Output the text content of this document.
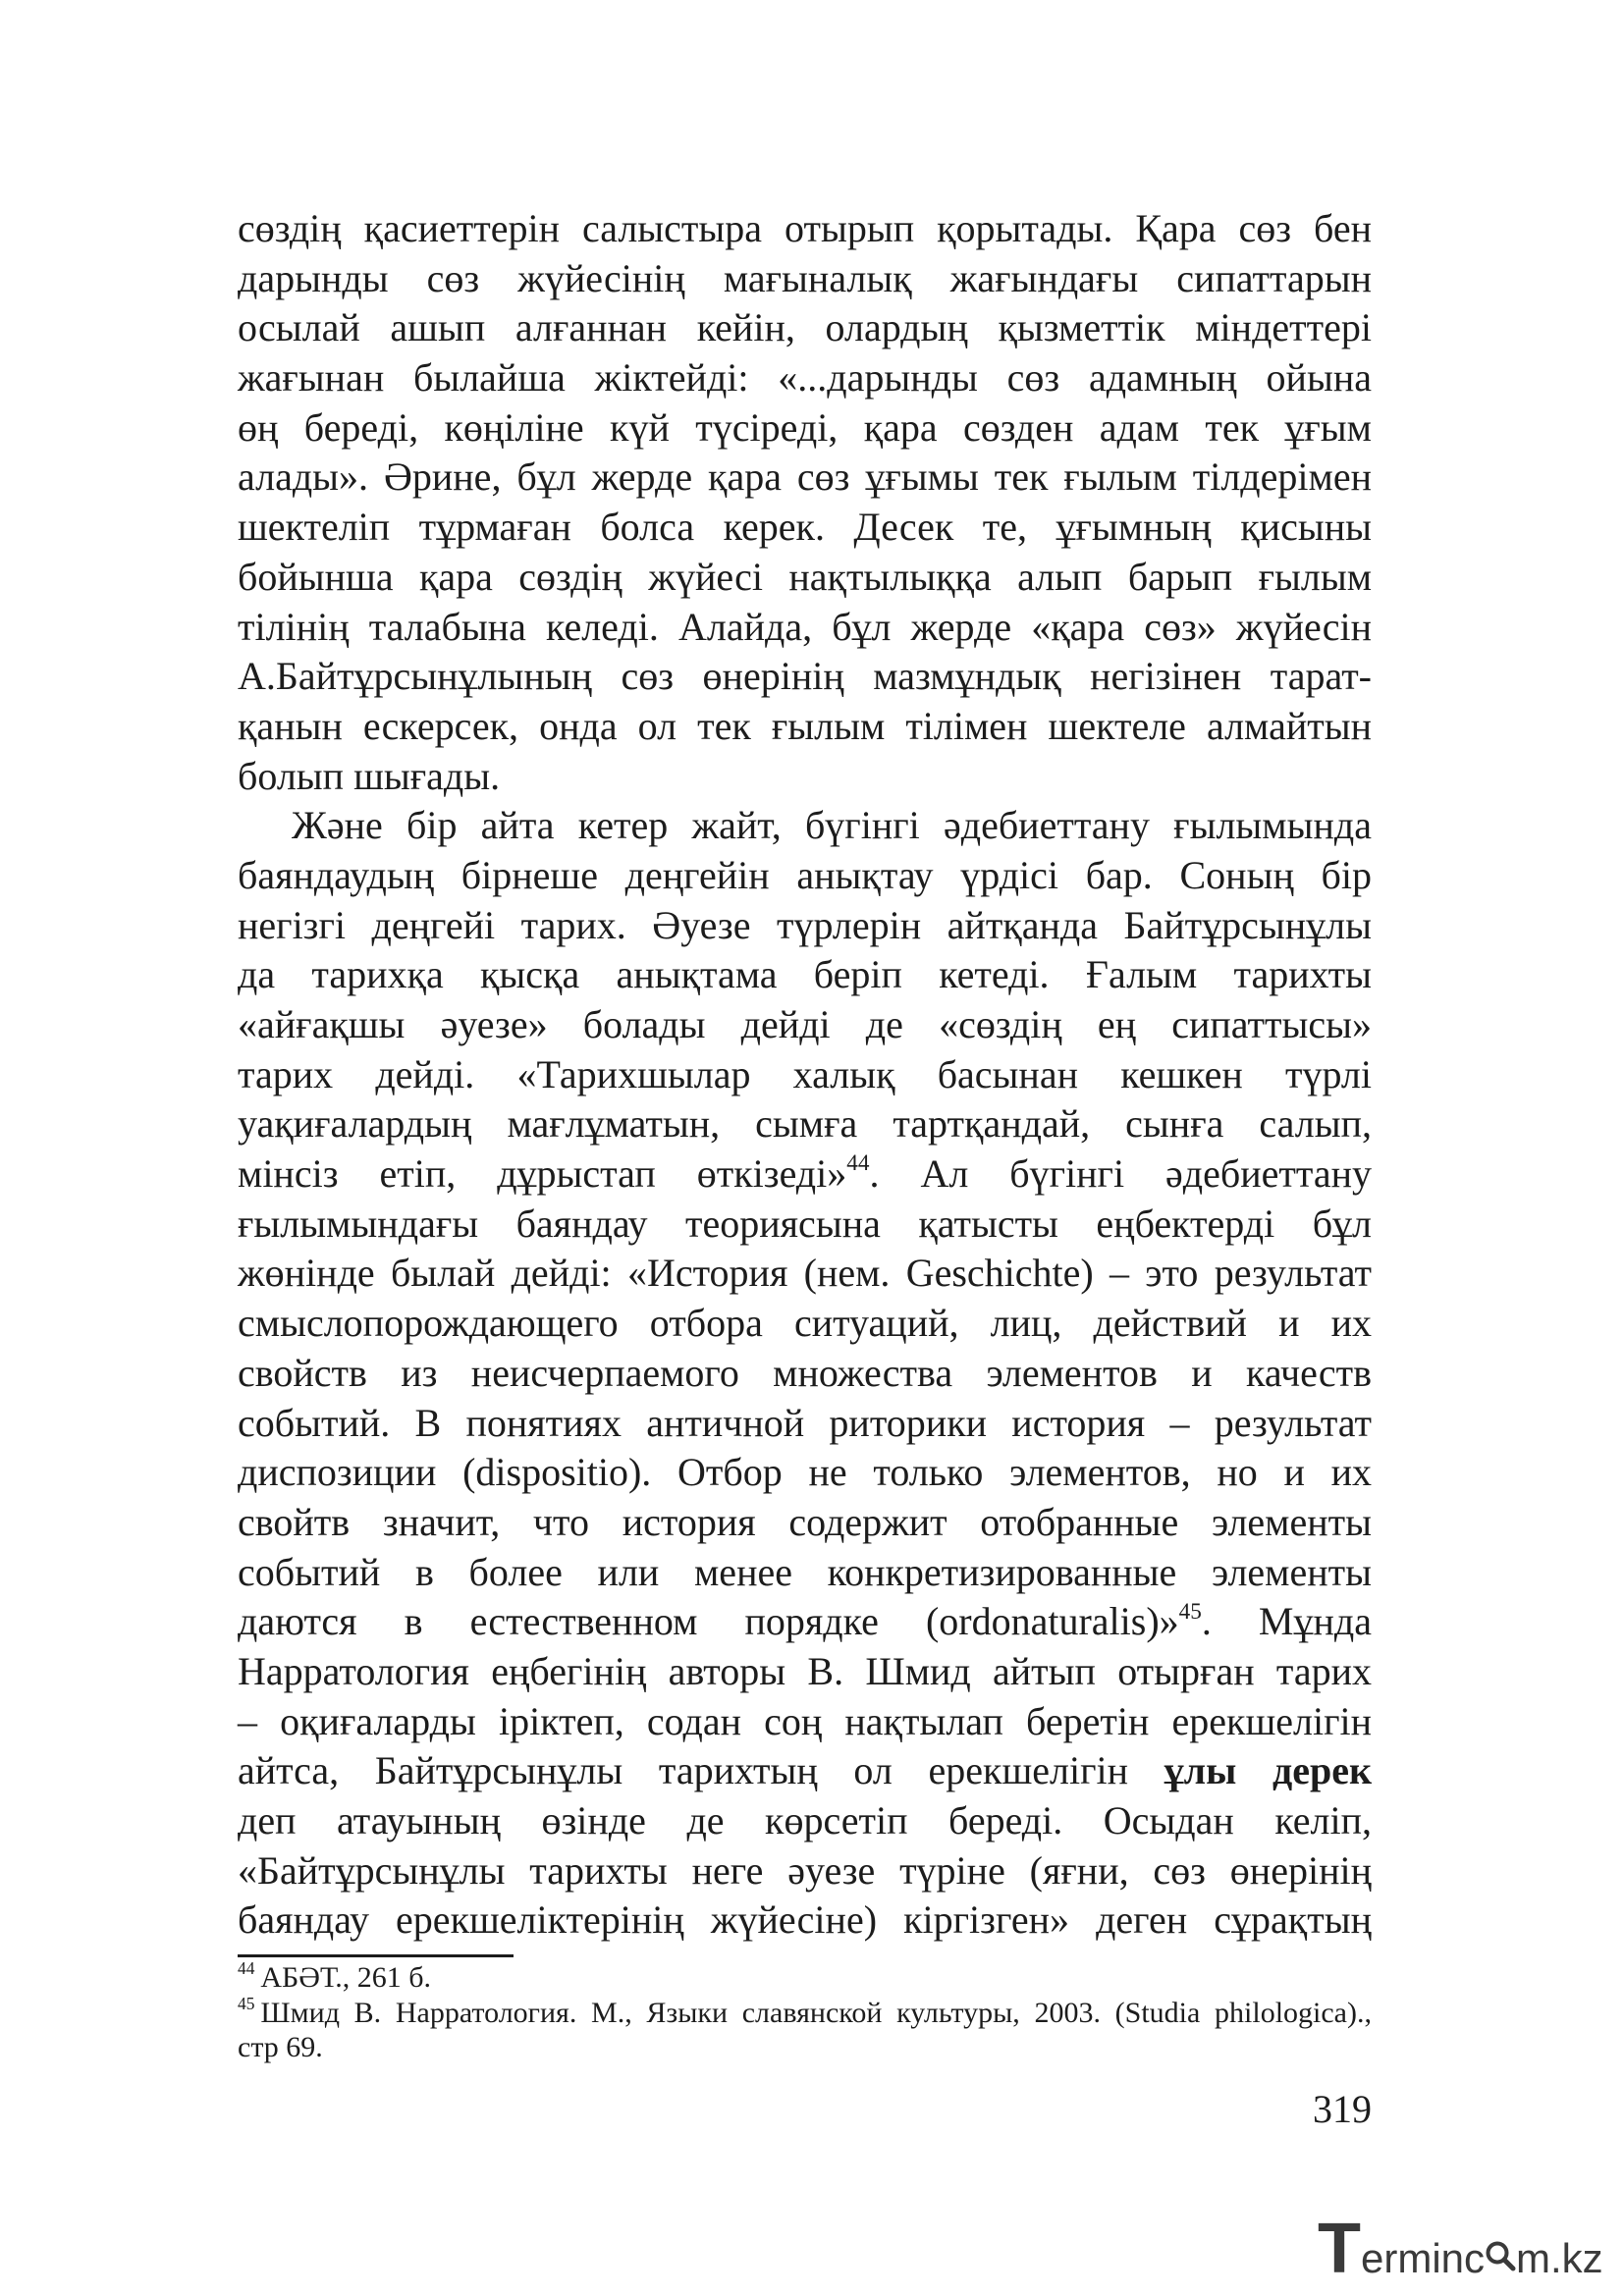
сөздің қасиеттерін салыстыра отырып қорытады. Қара сөз бен
дарынды сөз жүйесінің мағыналық жағындағы сипаттарын
осылай ашып алғаннан кейін, олардың қызметтік міндеттері
жағынан былайша жіктейді: «...дарынды сөз адамның ойына
өң береді, көңіліне күй түсіреді, қара сөзден адам тек ұғым
алады». Әрине, бұл жерде қара сөз ұғымы тек ғылым тілдерімен
шектеліп тұрмаған болса керек. Десек те, ұғымның қисыны
бойынша қара сөздің жүйесі нақтылыққа алып барып ғылым
тілінің талабына келеді. Алайда, бұл жерде «қара сөз» жүйесін
А.Байтұрсынұлының сөз өнерінің мазмұндық негізінен тарат-
қанын ескерсек, онда ол тек ғылым тілімен шектеле алмайтын
болып шығады.
Және бір айта кетер жайт, бүгінгі әдебиеттану ғылымында
баяндаудың бірнеше деңгейін анықтау үрдісі бар. Соның бір
негізгі деңгейі тарих. Әуезе түрлерін айтқанда Байтұрсынұлы
да тарихқа қысқа анықтама беріп кетеді. Ғалым тарихты
«айғақшы әуезе» болады дейді де «сөздің ең сипаттысы»
тарих дейді. «Тарихшылар халық басынан кешкен түрлі
уақиғалардың мағлұматын, сымға тартқандай, сынға салып,
мінсіз етіп, дұрыстап өткізеді»$^{44}$. Ал бүгінгі әдебиеттану
ғылымындағы баяндау теориясына қатысты еңбектерді бұл
жөнінде былай дейді: «История (нем. Geschichte) – это результат
смыслопорождающего отбора ситуаций, лиц, действий и их
свойств из неисчерпаемого множества элементов и качеств
событий. В понятиях античной риторики история – результат
диспозиции (dispositio). Отбор не только элементов, но и их
свойтв значит, что история содержит отобранные элементы
событий в более или менее конкретизированные элементы
даются в естественном порядке (ordonaturalis)»$^{45}$. Мұнда
Нарратология еңбегінің авторы В. Шмид айтып отырған тарих
– оқиғаларды іріктеп, содан соң нақтылап беретін ерекшелігін
айтса, Байтұрсынұлы тарихтың ол ерекшелігін ұлы дерек
деп атауының өзінде де көрсетіп береді. Осыдан келіп,
«Байтұрсынұлы тарихты неге әуезе түріне (яғни, сөз өнерінің
баяндау ерекшеліктерінің жүйесіне) кіргізген» деген сұрақтың
$^{44}$ АБӘТ., 261 б.
$^{45}$ Шмид В. Нарратология. М., Языки славянской культуры, 2003. (Studia philologica).,
стр 69.
319
T erminc m.kz
